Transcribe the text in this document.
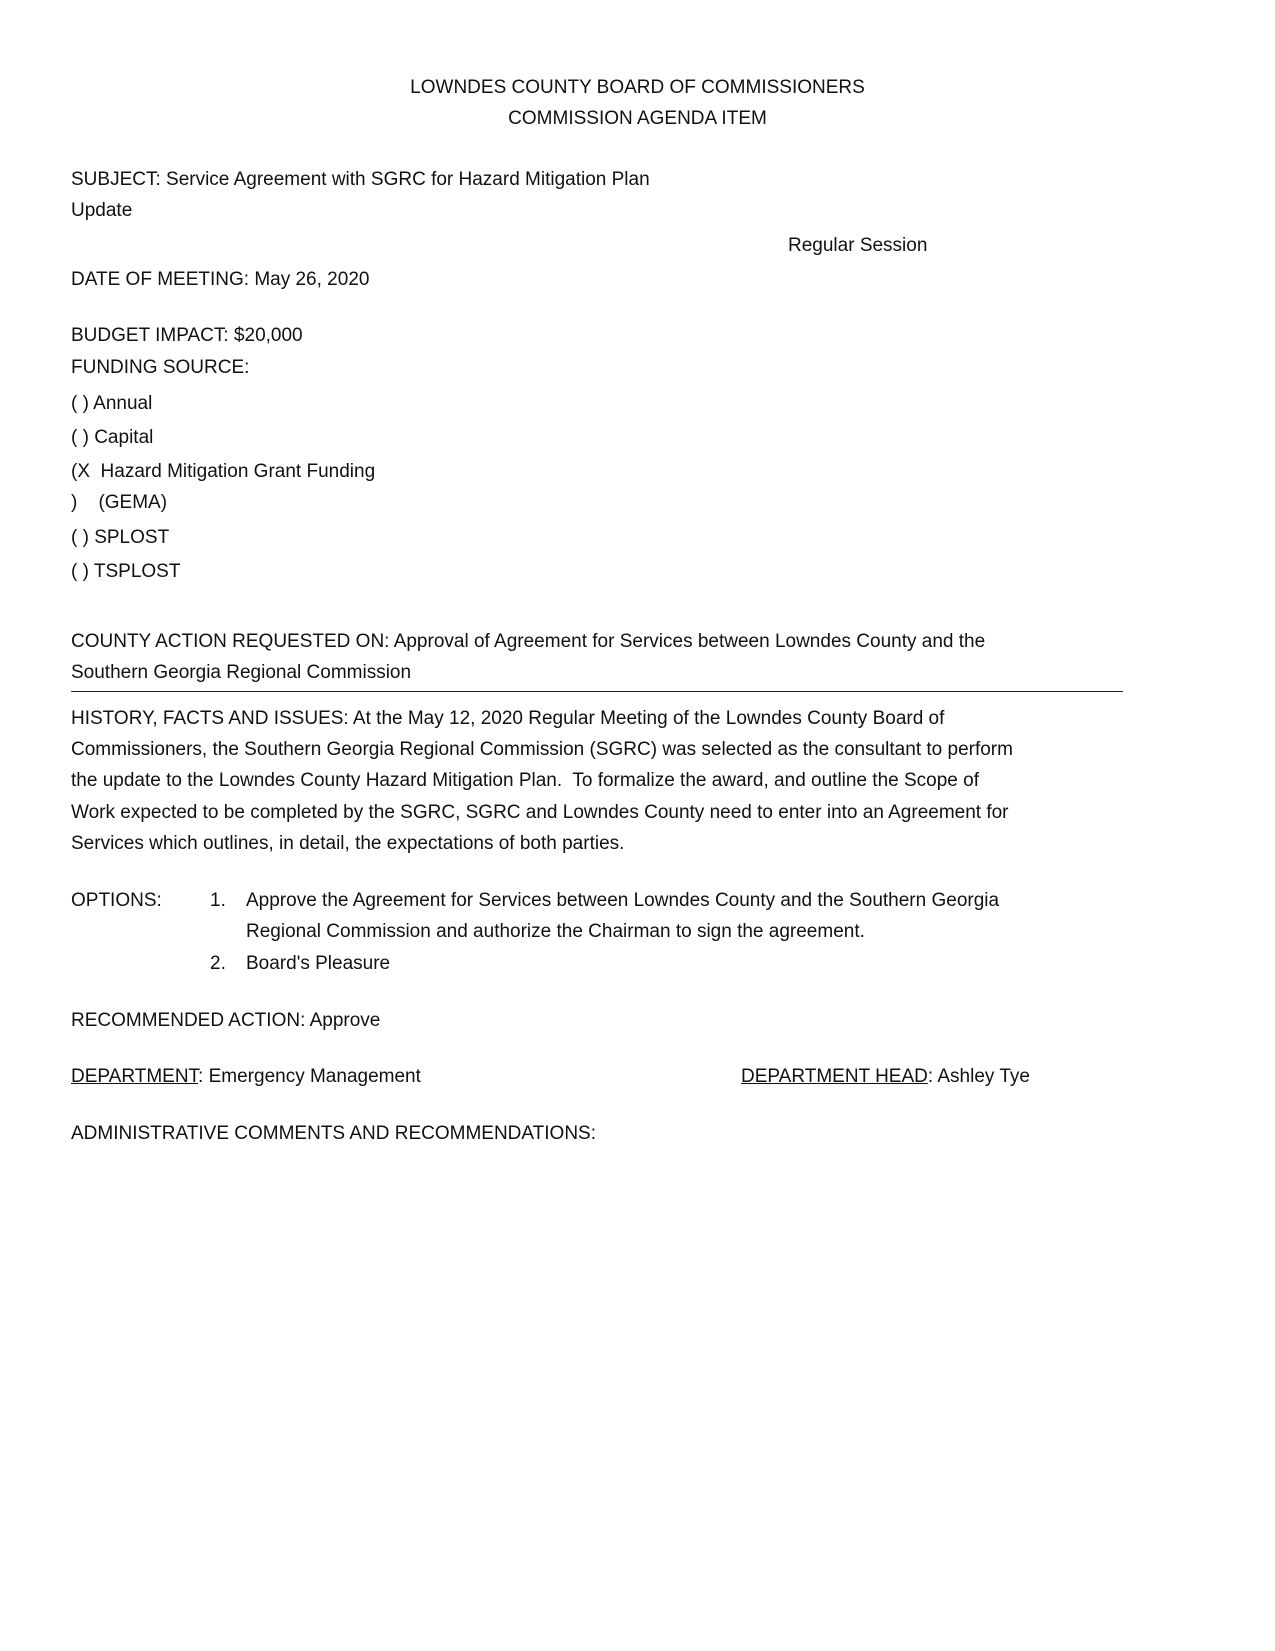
LOWNDES COUNTY BOARD OF COMMISSIONERS
COMMISSION AGENDA ITEM
SUBJECT: Service Agreement with SGRC for Hazard Mitigation Plan
Update
Regular Session
DATE OF MEETING: May 26, 2020
BUDGET IMPACT: $20,000
FUNDING SOURCE:
( ) Annual
( ) Capital
(X  Hazard Mitigation Grant Funding
)    (GEMA)
( ) SPLOST
( ) TSPLOST
COUNTY ACTION REQUESTED ON: Approval of Agreement for Services between Lowndes County and the
Southern Georgia Regional Commission
HISTORY, FACTS AND ISSUES: At the May 12, 2020 Regular Meeting of the Lowndes County Board of
Commissioners, the Southern Georgia Regional Commission (SGRC) was selected as the consultant to perform
the update to the Lowndes County Hazard Mitigation Plan.  To formalize the award, and outline the Scope of
Work expected to be completed by the SGRC, SGRC and Lowndes County need to enter into an Agreement for
Services which outlines, in detail, the expectations of both parties.
OPTIONS:	1. Approve the Agreement for Services between Lowndes County and the Southern Georgia
Regional Commission and authorize the Chairman to sign the agreement.
2. Board's Pleasure
RECOMMENDED ACTION: Approve
DEPARTMENT: Emergency Management	DEPARTMENT HEAD: Ashley Tye
ADMINISTRATIVE COMMENTS AND RECOMMENDATIONS:
